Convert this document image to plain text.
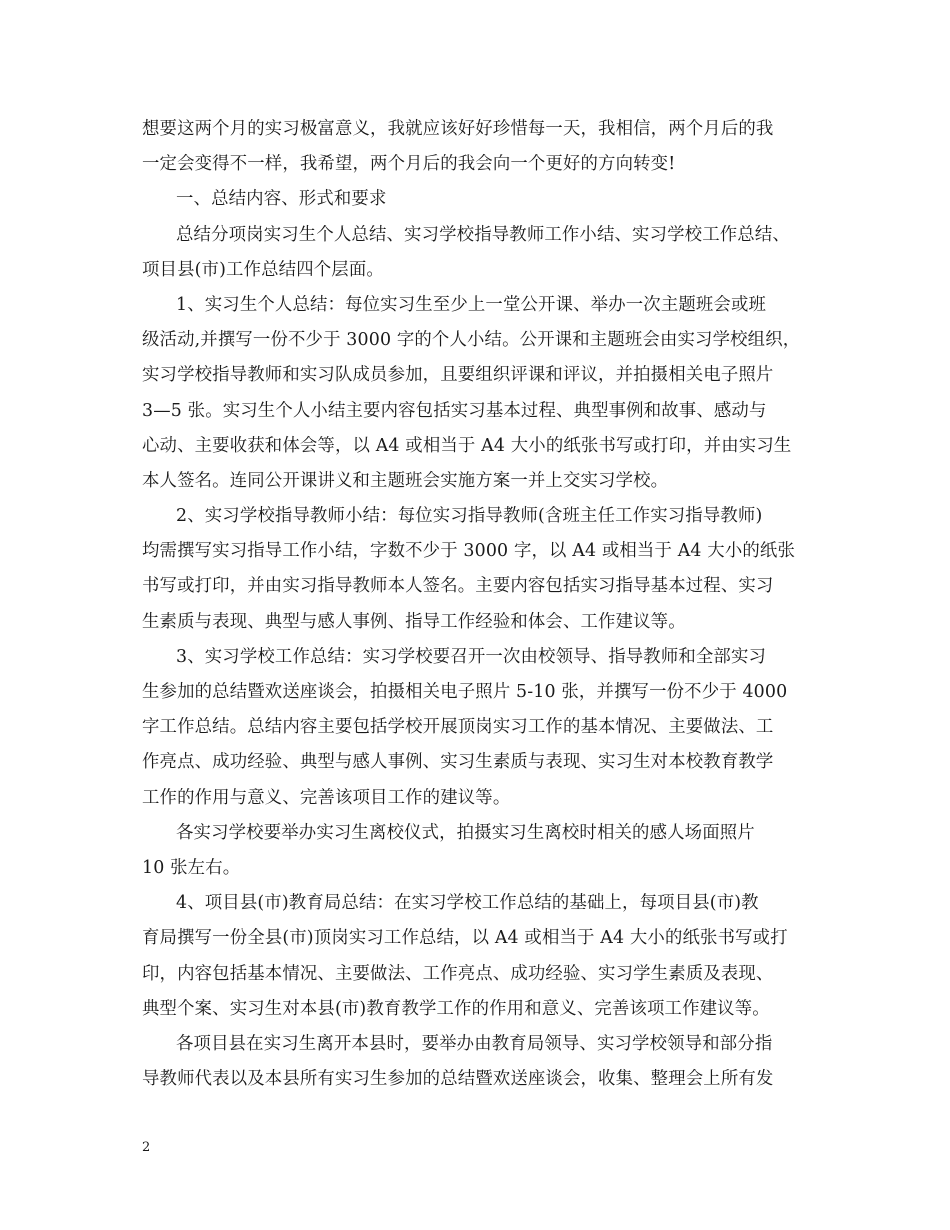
想要这两个月的实习极富意义，我就应该好好珍惜每一天，我相信，两个月后的我
一定会变得不一样，我希望，两个月后的我会向一个更好的方向转变!
一、总结内容、形式和要求
总结分项岗实习生个人总结、实习学校指导教师工作小结、实习学校工作总结、
项目县(市)工作总结四个层面。
1、实习生个人总结：每位实习生至少上一堂公开课、举办一次主题班会或班
级活动,并撰写一份不少于 3000 字的个人小结。公开课和主题班会由实习学校组织，
实习学校指导教师和实习队成员参加，且要组织评课和评议，并拍摄相关电子照片
3—5 张。实习生个人小结主要内容包括实习基本过程、典型事例和故事、感动与
心动、主要收获和体会等，以 A4 或相当于 A4 大小的纸张书写或打印，并由实习生
本人签名。连同公开课讲义和主题班会实施方案一并上交实习学校。
2、实习学校指导教师小结：每位实习指导教师(含班主任工作实习指导教师)
均需撰写实习指导工作小结，字数不少于 3000 字，以 A4 或相当于 A4 大小的纸张
书写或打印，并由实习指导教师本人签名。主要内容包括实习指导基本过程、实习
生素质与表现、典型与感人事例、指导工作经验和体会、工作建议等。
3、实习学校工作总结：实习学校要召开一次由校领导、指导教师和全部实习
生参加的总结暨欢送座谈会，拍摄相关电子照片 5-10 张，并撰写一份不少于 4000
字工作总结。总结内容主要包括学校开展顶岗实习工作的基本情况、主要做法、工
作亮点、成功经验、典型与感人事例、实习生素质与表现、实习生对本校教育教学
工作的作用与意义、完善该项目工作的建议等。
各实习学校要举办实习生离校仪式，拍摄实习生离校时相关的感人场面照片
10 张左右。
4、项目县(市)教育局总结：在实习学校工作总结的基础上，每项目县(市)教
育局撰写一份全县(市)顶岗实习工作总结，以 A4 或相当于 A4 大小的纸张书写或打
印，内容包括基本情况、主要做法、工作亮点、成功经验、实习学生素质及表现、
典型个案、实习生对本县(市)教育教学工作的作用和意义、完善该项工作建议等。
各项目县在实习生离开本县时，要举办由教育局领导、实习学校领导和部分指
导教师代表以及本县所有实习生参加的总结暨欢送座谈会，收集、整理会上所有发
2
